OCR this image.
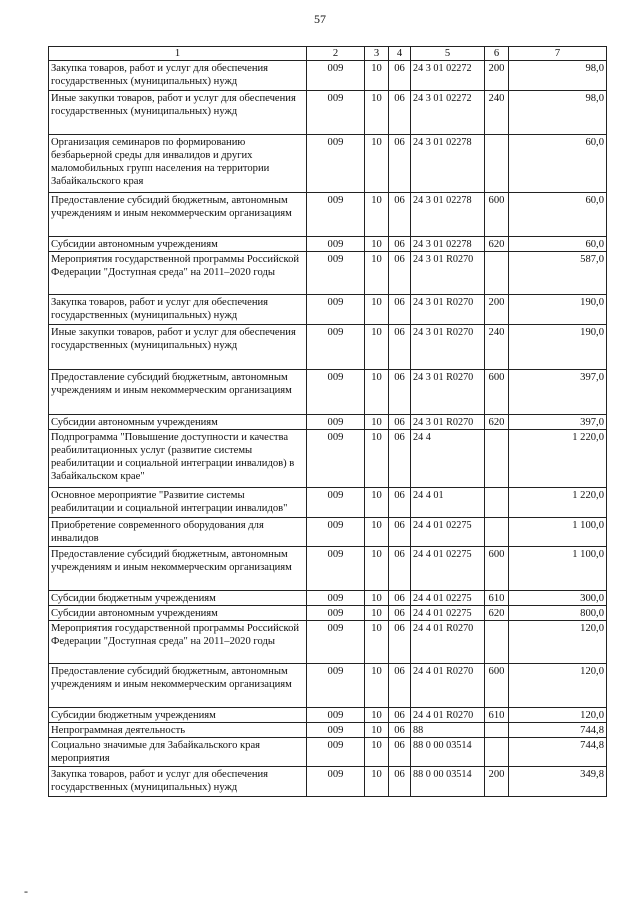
57
1	2	3	4	5	6	7
Закупка товаров, работ и услуг для обеспечения государственных (муниципальных) нужд	009	10	06	24 3 01 02272	200	98,0
Иные закупки товаров, работ и услуг для обеспечения государственных (муниципальных) нужд	009	10	06	24 3 01 02272	240	98,0
Организация семинаров по формированию безбарьерной среды для инвалидов и других маломобильных групп населения на территории Забайкальского края	009	10	06	24 3 01 02278		60,0
Предоставление субсидий бюджетным, автономным учреждениям и иным некоммерческим организациям	009	10	06	24 3 01 02278	600	60,0
Субсидии автономным учреждениям	009	10	06	24 3 01 02278	620	60,0
Мероприятия государственной программы Российской Федерации "Доступная среда" на 2011–2020 годы	009	10	06	24 3 01 R0270		587,0
Закупка товаров, работ и услуг для обеспечения государственных (муниципальных) нужд	009	10	06	24 3 01 R0270	200	190,0
Иные закупки товаров, работ и услуг для обеспечения государственных (муниципальных) нужд	009	10	06	24 3 01 R0270	240	190,0
Предоставление субсидий бюджетным, автономным учреждениям и иным некоммерческим организациям	009	10	06	24 3 01 R0270	600	397,0
Субсидии автономным учреждениям	009	10	06	24 3 01 R0270	620	397,0
Подпрограмма "Повышение доступности и качества реабилитационных услуг (развитие системы реабилитации и социальной интеграции инвалидов) в Забайкальском крае"	009	10	06	24 4		1 220,0
Основное мероприятие "Развитие системы реабилитации и социальной интеграции инвалидов"	009	10	06	24 4 01		1 220,0
Приобретение современного оборудования для инвалидов	009	10	06	24 4 01 02275		1 100,0
Предоставление субсидий бюджетным, автономным учреждениям и иным некоммерческим организациям	009	10	06	24 4 01 02275	600	1 100,0
Субсидии бюджетным учреждениям	009	10	06	24 4 01 02275	610	300,0
Субсидии автономным учреждениям	009	10	06	24 4 01 02275	620	800,0
Мероприятия государственной программы Российской Федерации "Доступная среда" на 2011–2020 годы	009	10	06	24 4 01 R0270		120,0
Предоставление субсидий бюджетным, автономным учреждениям и иным некоммерческим организациям	009	10	06	24 4 01 R0270	600	120,0
Субсидии бюджетным учреждениям	009	10	06	24 4 01 R0270	610	120,0
Непрограммная деятельность	009	10	06	88		744,8
Социально значимые для Забайкальского края мероприятия	009	10	06	88 0 00 03514		744,8
Закупка товаров, работ и услуг для обеспечения государственных (муниципальных) нужд	009	10	06	88 0 00 03514	200	349,8
-
